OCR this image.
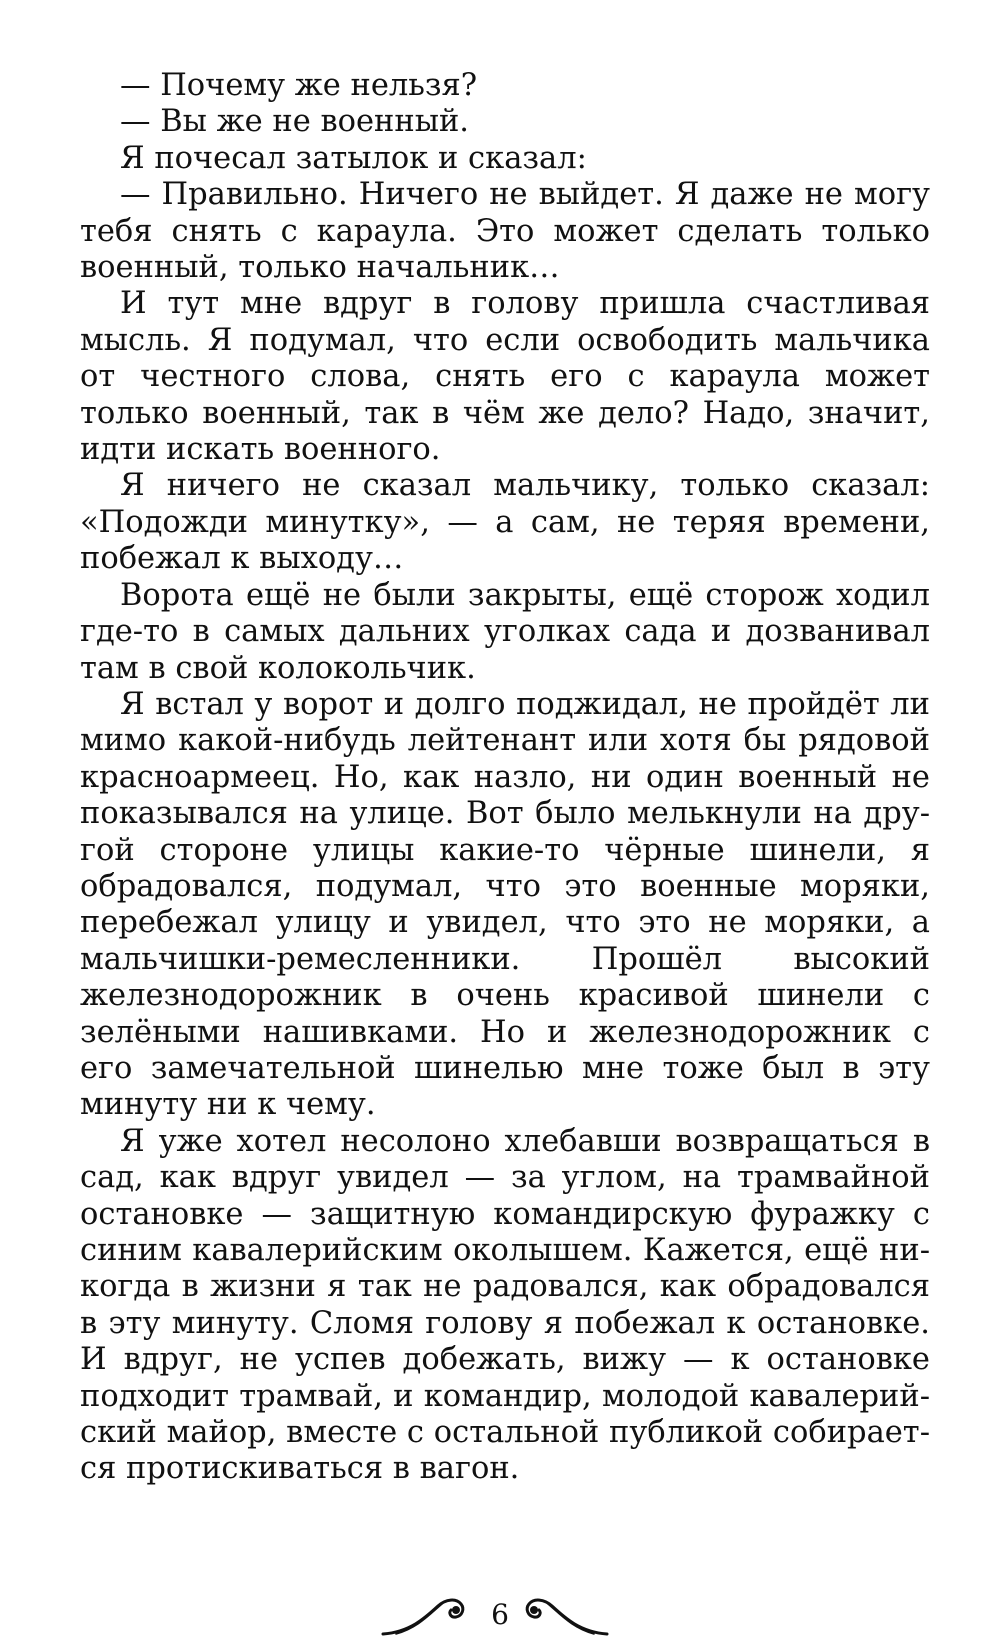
— Почему же нельзя?

— Вы же не военный.

Я почесал затылок и сказал:

— Правильно. Ничего не выйдет. Я даже не могу тебя снять с караула. Это может сделать только военный, только начальник…

И тут мне вдруг в голову пришла счастливая мысль. Я подумал, что если освободить мальчика от честного слова, снять его с караула может только военный, так в чём же дело? Надо, значит, идти искать военного.

Я ничего не сказал мальчику, только сказал: «Подожди минутку», — а сам, не теряя времени, побежал к выходу…

Ворота ещё не были закрыты, ещё сторож ходил где-то в самых дальних уголках сада и дозванивал там в свой колокольчик.

Я встал у ворот и долго поджидал, не пройдёт ли мимо какой-нибудь лейтенант или хотя бы рядовой красноармеец. Но, как назло, ни один военный не показывался на улице. Вот было мелькнули на другой стороне улицы какие-то чёрные шинели, я обрадовался, подумал, что это военные моряки, перебежал улицу и увидел, что это не моряки, а мальчишки-ремесленники. Прошёл высокий железнодорожник в очень красивой шинели с зелёными нашивками. Но и железнодорожник с его замечательной шинелью мне тоже был в эту минуту ни к чему.

Я уже хотел несолоно хлебавши возвращаться в сад, как вдруг увидел — за углом, на трамвайной остановке — защитную командирскую фуражку с синим кавалерийским околышем. Кажется, ещё никогда в жизни я так не радовался, как обрадовался в эту минуту. Сломя голову я побежал к остановке. И вдруг, не успев добежать, вижу — к остановке подходит трамвай, и командир, молодой кавалерийский майор, вместе с остальной публикой собирается протискиваться в вагон.

6
